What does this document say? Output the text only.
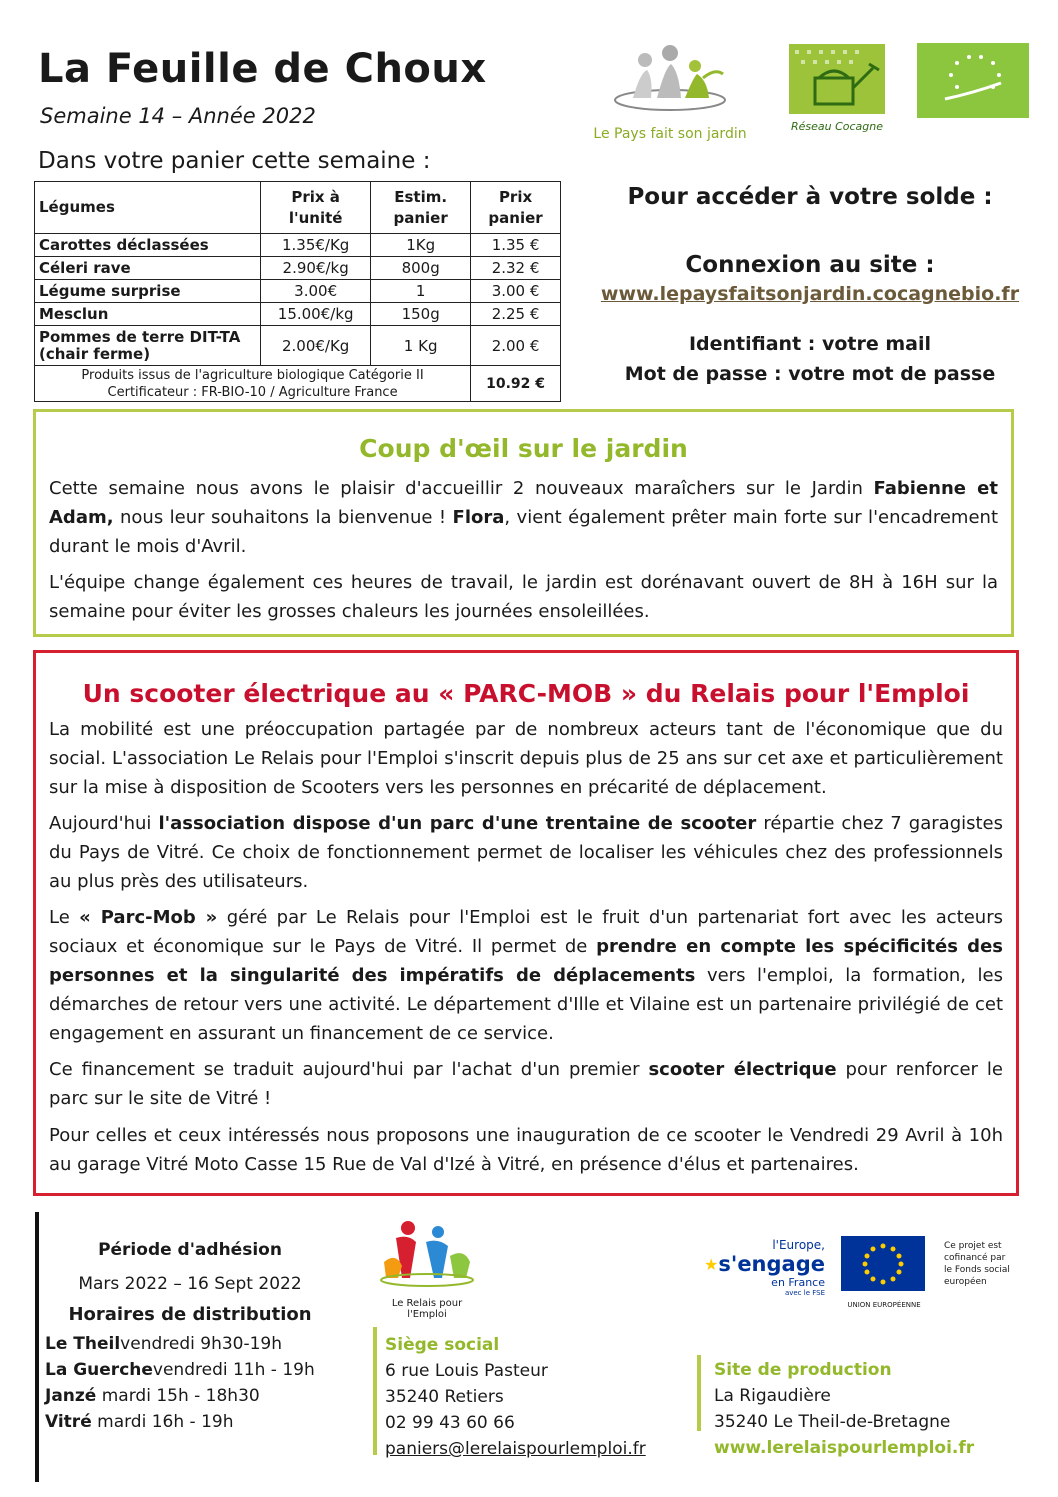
La Feuille de Choux
Semaine 14 – Année 2022
Dans votre panier cette semaine :
Le Pays fait son jardin	Réseau Cocagne
Légumes	Prix à l'unité	Estim. panier	Prix panier
Carottes déclassées	1.35€/Kg	1Kg	1.35 €
Céleri rave	2.90€/kg	800g	2.32 €
Légume surprise	3.00€	1	3.00 €
Mesclun	15.00€/kg	150g	2.25 €
Pommes de terre DIT-TA (chair ferme)	2.00€/Kg	1 Kg	2.00 €

Produits issus de l'agriculture biologique Catégorie II
Certificateur : FR-BIO-10 / Agriculture France			10.92 €
Pour accéder à votre solde :
Connexion au site :
www.lepaysfaitsonjardin.cocagnebio.fr
Identifiant : votre mail
Mot de passe : votre mot de passe
Coup d'œil sur le jardin
Cette semaine nous avons le plaisir d'accueillir 2 nouveaux maraîchers sur le Jardin Fabienne et Adam, nous leur souhaitons la bienvenue ! Flora, vient également prêter main forte sur l'encadrement durant le mois d'Avril.
L'équipe change également ces heures de travail, le jardin est dorénavant ouvert de 8H à 16H sur la semaine pour éviter les grosses chaleurs les journées ensoleillées.
Un scooter électrique au « PARC-MOB » du Relais pour l'Emploi
La mobilité est une préoccupation partagée par de nombreux acteurs tant de l'économique que du social. L'association Le Relais pour l'Emploi s'inscrit depuis plus de 25 ans sur cet axe et particulièrement sur la mise à disposition de Scooters vers les personnes en précarité de déplacement.
Aujourd'hui l'association dispose d'un parc d'une trentaine de scooter répartie chez 7 garagistes du Pays de Vitré. Ce choix de fonctionnement permet de localiser les véhicules chez des professionnels au plus près des utilisateurs.
Le « Parc-Mob » géré par Le Relais pour l'Emploi est le fruit d'un partenariat fort avec les acteurs sociaux et économique sur le Pays de Vitré. Il permet de prendre en compte les spécificités des personnes et la singularité des impératifs de déplacements vers l'emploi, la formation, les démarches de retour vers une activité. Le département d'Ille et Vilaine est un partenaire privilégié de cet engagement en assurant un financement de ce service.
Ce financement se traduit aujourd'hui par l'achat d'un premier scooter électrique pour renforcer le parc sur le site de Vitré !
Pour celles et ceux intéressés nous proposons une inauguration de ce scooter le Vendredi 29 Avril à 10h au garage Vitré Moto Casse 15 Rue de Val d'Izé à Vitré, en présence d'élus et partenaires.
Période d'adhésion
Mars 2022 – 16 Sept 2022
Horaires de distribution
Le Theilvendredi 9h30-19h
La Guerchevendredi 11h - 19h
Janzé mardi 15h - 18h30
Vitré mardi 16h - 19h
Le Relais pour l'Emploi
Siège social
6 rue Louis Pasteur
35240 Retiers
02 99 43 60 66
paniers@lerelaispourlemploi.fr
l'Europe,
★ s'engage
en France
avec le FSE
UNION EUROPÉENNE
Ce projet est cofinancé par le Fonds social européen
Site de production
La Rigaudière
35240 Le Theil-de-Bretagne
www.lerelaispourlemploi.fr
